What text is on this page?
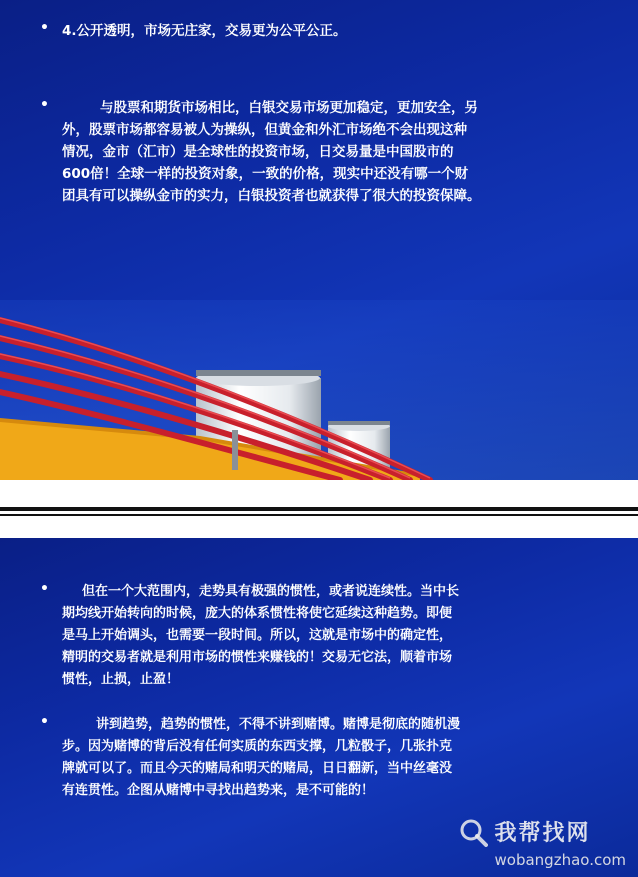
• 4.公开透明，市场无庄家，交易更为公平公正。
•	与股票和期货市场相比，白银交易市场更加稳定，更加安全，另
外，股票市场都容易被人为操纵，但黄金和外汇市场绝不会出现这种
情况，金市（汇市）是全球性的投资市场，日交易量是中国股市的
600倍！全球一样的投资对象，一致的价格，现实中还没有哪一个财
团具有可以操纵金市的实力，白银投资者也就获得了很大的投资保障。
•	但在一个大范围内，走势具有极强的惯性，或者说连续性。当中长
期均线开始转向的时候，庞大的体系惯性将使它延续这种趋势。即便
是马上开始调头，也需要一段时间。所以，这就是市场中的确定性，
精明的交易者就是利用市场的惯性来赚钱的！交易无它法，顺着市场
惯性，止损，止盈！
•	讲到趋势，趋势的惯性，不得不讲到赌博。赌博是彻底的随机漫
步。因为赌博的背后没有任何实质的东西支撑，几粒骰子，几张扑克
牌就可以了。而且今天的赌局和明天的赌局，日日翻新，当中丝毫没
有连贯性。企图从赌博中寻找出趋势来，是不可能的！
我帮找网
wobangzhao.com
